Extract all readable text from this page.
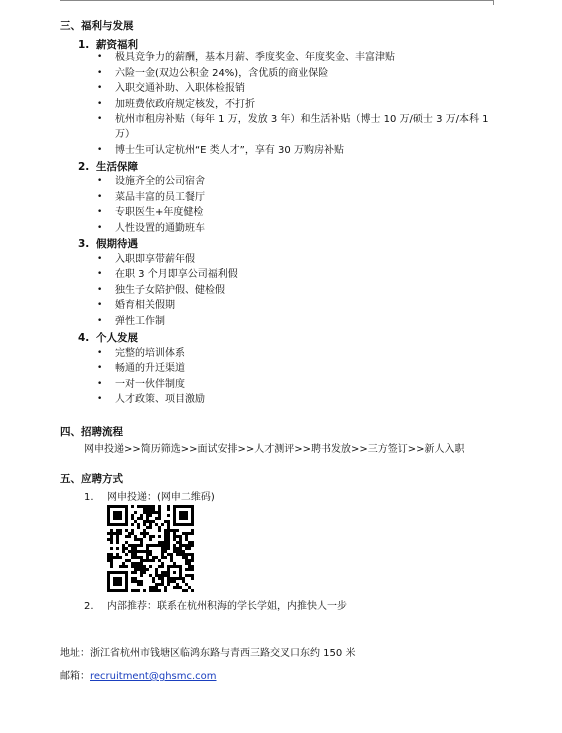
三、福利与发展
1. 薪资福利
•	极具竞争力的薪酬，基本月薪、季度奖金、年度奖金、丰富津贴
•	六险一金(双边公积金 24%)，含优质的商业保险
•	入职交通补助、入职体检报销
•	加班费依政府规定核发，不打折
•	杭州市租房补贴（每年 1 万，发放 3 年）和生活补贴（博士 10 万/硕士 3 万/本科 1 万）
•	博士生可认定杭州“E 类人才”，享有 30 万购房补贴
2. 生活保障
•	设施齐全的公司宿舍
•	菜品丰富的员工餐厅
•	专职医生+年度健检
•	人性设置的通勤班车
3. 假期待遇
•	入职即享带薪年假
•	在职 3 个月即享公司福利假
•	独生子女陪护假、健检假
•	婚育相关假期
•	弹性工作制
4. 个人发展
•	完整的培训体系
•	畅通的升迁渠道
•	一对一伙伴制度
•	人才政策、项目激励
四、招聘流程
网申投递>>简历筛选>>面试安排>>人才测评>>聘书发放>>三方签订>>新人入职
五、应聘方式
1. 网申投递：(网申二维码)
2. 内部推荐：联系在杭州积海的学长学姐，内推快人一步
地址：浙江省杭州市钱塘区临鸿东路与青西三路交叉口东约 150 米
邮箱：recruitment@ghsmc.com
